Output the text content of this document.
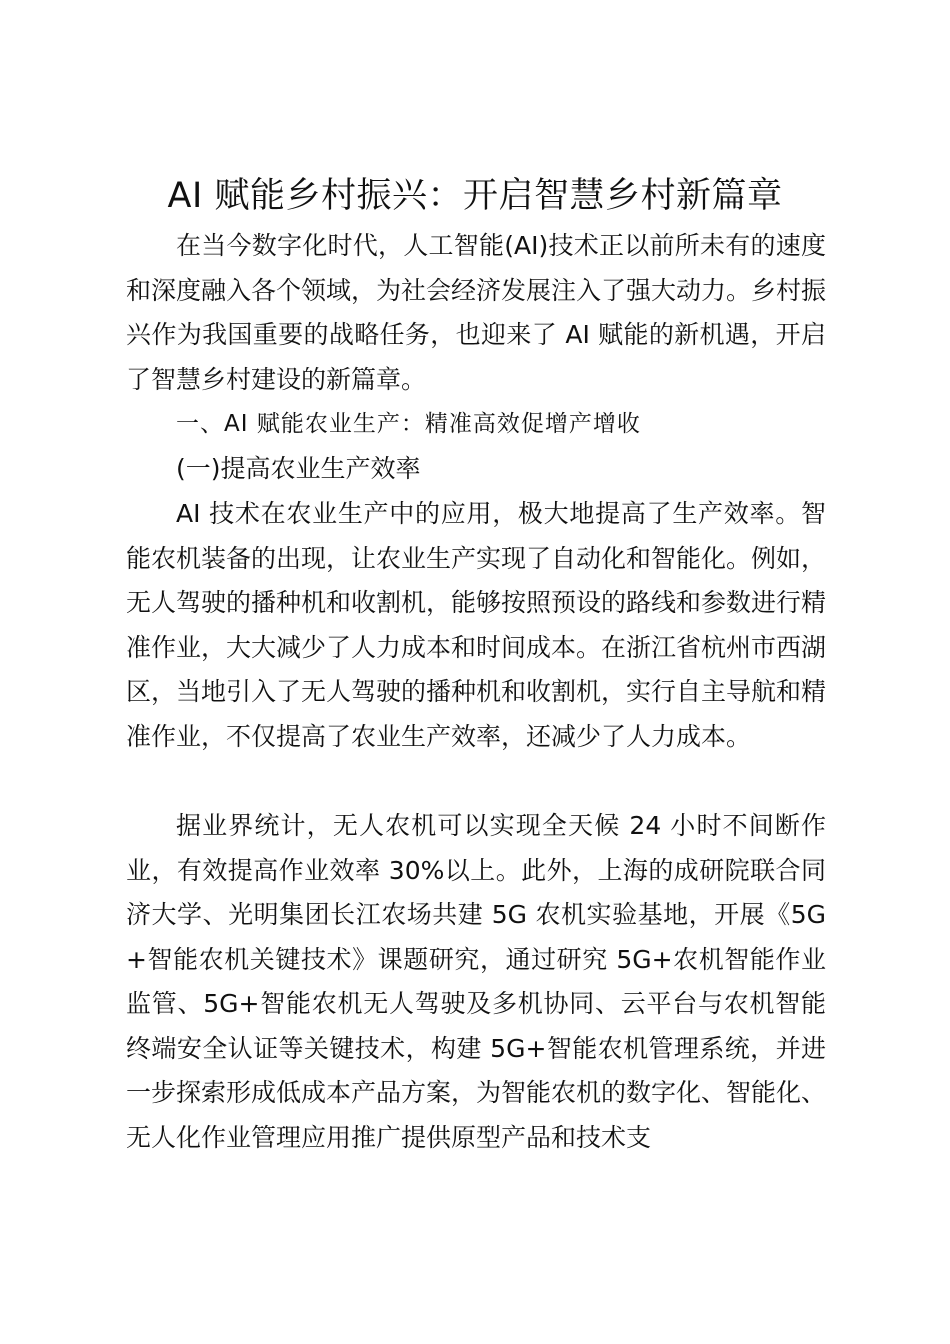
AI 赋能乡村振兴：开启智慧乡村新篇章

在当今数字化时代，人工智能(AI)技术正以前所未有的速度和深度融入各个领域，为社会经济发展注入了强大动力。乡村振兴作为我国重要的战略任务，也迎来了 AI 赋能的新机遇，开启了智慧乡村建设的新篇章。

一、AI 赋能农业生产：精准高效促增产增收

(一)提高农业生产效率

AI 技术在农业生产中的应用，极大地提高了生产效率。智能农机装备的出现，让农业生产实现了自动化和智能化。例如，无人驾驶的播种机和收割机，能够按照预设的路线和参数进行精准作业，大大减少了人力成本和时间成本。在浙江省杭州市西湖区，当地引入了无人驾驶的播种机和收割机，实行自主导航和精准作业，不仅提高了农业生产效率，还减少了人力成本。

据业界统计，无人农机可以实现全天候 24 小时不间断作业，有效提高作业效率 30%以上。此外，上海的成研院联合同济大学、光明集团长江农场共建 5G 农机实验基地，开展《5G+智能农机关键技术》课题研究，通过研究 5G+农机智能作业监管、5G+智能农机无人驾驶及多机协同、云平台与农机智能终端安全认证等关键技术，构建 5G+智能农机管理系统，并进一步探索形成低成本产品方案，为智能农机的数字化、智能化、无人化作业管理应用推广提供原型产品和技术支
